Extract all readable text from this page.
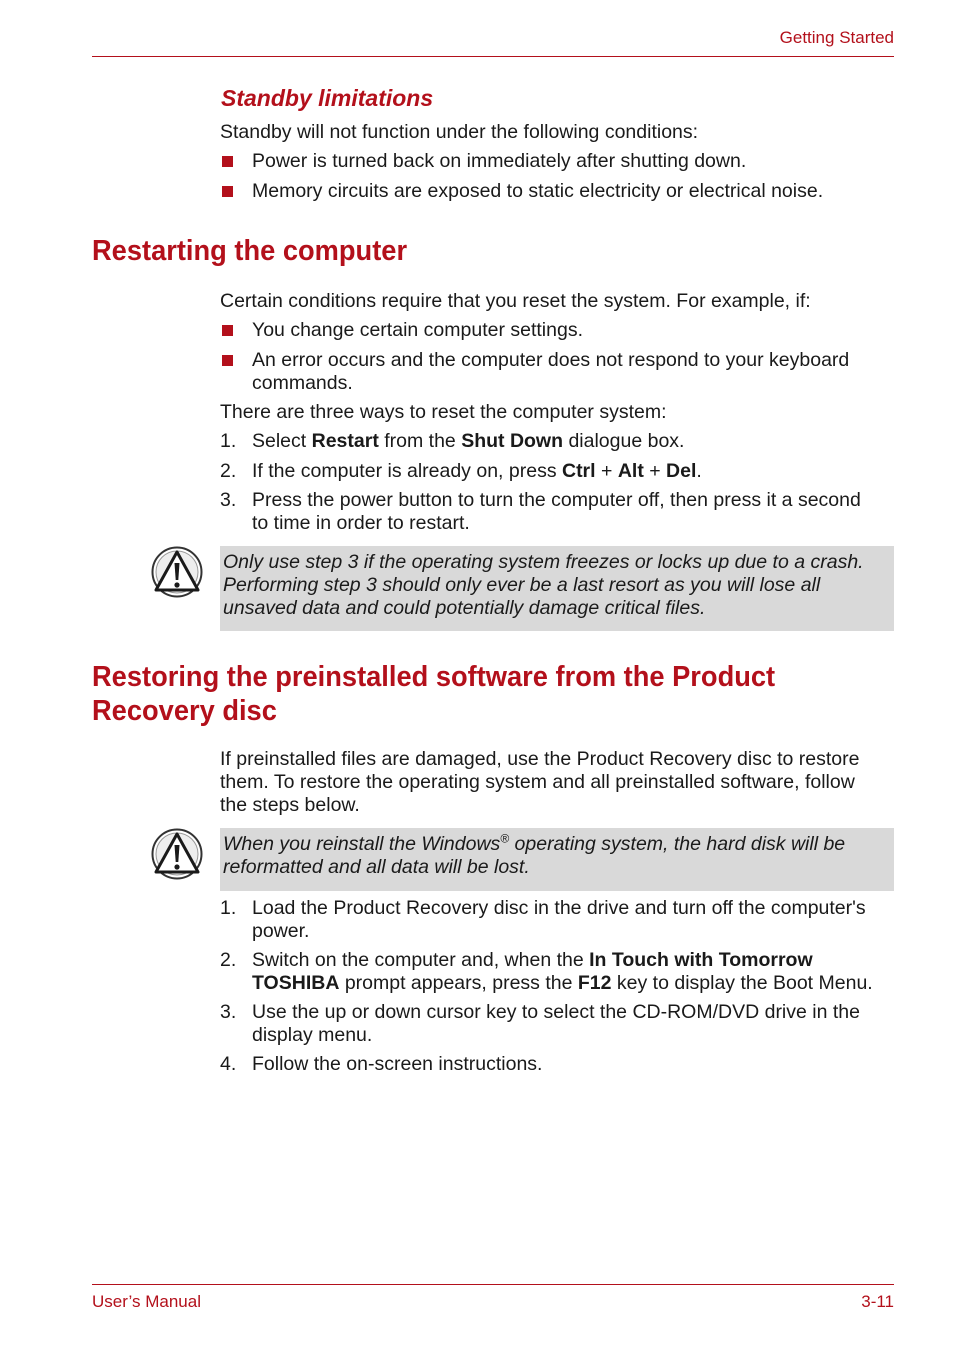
Getting Started
Standby limitations
Standby will not function under the following conditions:
Power is turned back on immediately after shutting down.
Memory circuits are exposed to static electricity or electrical noise.
Restarting the computer
Certain conditions require that you reset the system. For example, if:
You change certain computer settings.
An error occurs and the computer does not respond to your keyboard
commands.
There are three ways to reset the computer system:
1. Select Restart from the Shut Down dialogue box.
2. If the computer is already on, press Ctrl + Alt + Del.
3. Press the power button to turn the computer off, then press it a second
to time in order to restart.
Only use step 3 if the operating system freezes or locks up due to a crash.
Performing step 3 should only ever be a last resort as you will lose all
unsaved data and could potentially damage critical files.
Restoring the preinstalled software from the Product
Recovery disc
If preinstalled files are damaged, use the Product Recovery disc to restore
them. To restore the operating system and all preinstalled software, follow
the steps below.
When you reinstall the Windows® operating system, the hard disk will be
reformatted and all data will be lost.
1. Load the Product Recovery disc in the drive and turn off the computer's
power.
2. Switch on the computer and, when the In Touch with Tomorrow
TOSHIBA prompt appears, press the F12 key to display the Boot Menu.
3. Use the up or down cursor key to select the CD-ROM/DVD drive in the
display menu.
4. Follow the on-screen instructions.
User’s Manual	3-11
